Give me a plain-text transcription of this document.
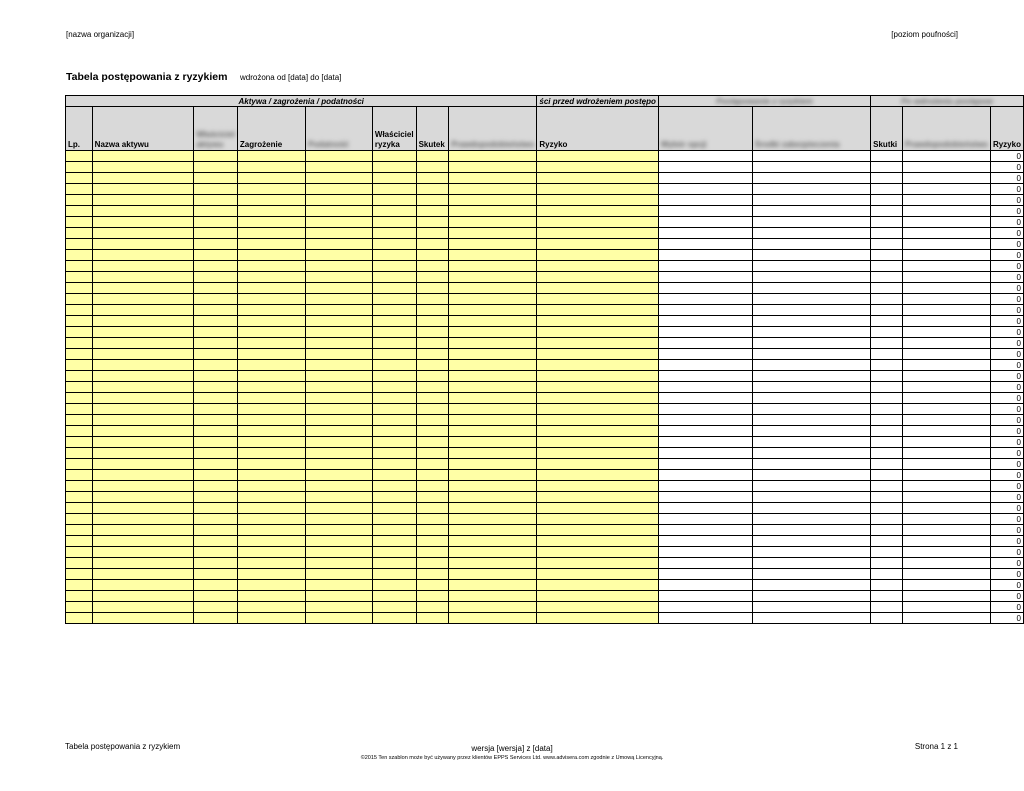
[nazwa organizacji]	[poziom poufności]
Tabela postępowania z ryzykiem wdrożona od [data] do [data]
Aktywa / zagrożenia / podatności								ści przed wdrożeniem postępo	Postępowanie z ryzykiem		Po wdrożeniu postępow		
Lp.	Nazwa aktywu	Właściciel aktywu	Zagrożenie	Podatność	Właściciel ryzyka	Skutek	Prawdopodobieństwo	Ryzyko	Wybór opcji	Środki zabezpieczenia	Skutki	Prawdopodobieństwo	Ryzyko
													0
													0
													0
													0
													0
													0
													0
													0
													0
													0
													0
													0
													0
													0
													0
													0
													0
													0
													0
													0
													0
													0
													0
													0
													0
													0
													0
													0
													0
													0
													0
													0
													0
													0
													0
													0
													0
													0
													0
													0
													0
													0
													0
Tabela postępowania z ryzykiem	wersja [wersja] z [data]	Strona 1 z 1
©2015 Ten szablon może być używany przez klientów EPPS Services Ltd. www.advisera.com zgodnie z Umową Licencyjną.
